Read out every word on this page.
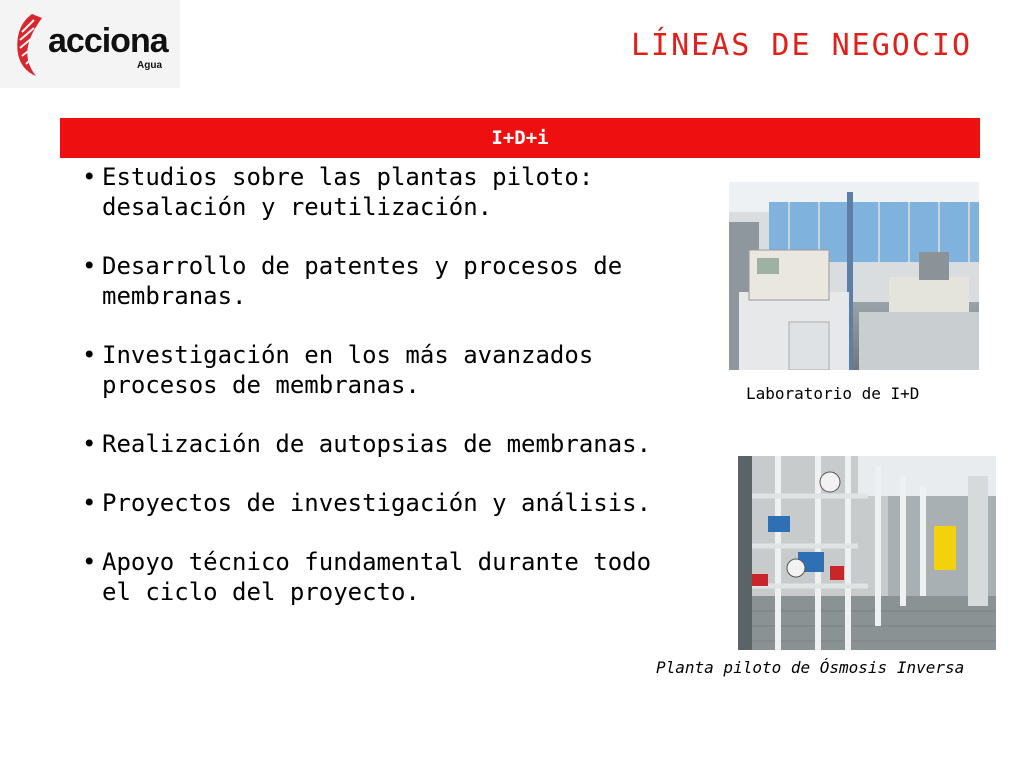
acciona
Agua
LÍNEAS DE NEGOCIO
I+D+i
• Estudios sobre las plantas piloto: desalación y reutilización.
• Desarrollo de patentes y procesos de membranas.
• Investigación en los más avanzados procesos de membranas.
• Realización de autopsias de membranas.
• Proyectos de investigación y análisis.
• Apoyo técnico fundamental durante todo el ciclo del proyecto.
Laboratorio de I+D
Planta piloto de Ósmosis Inversa
